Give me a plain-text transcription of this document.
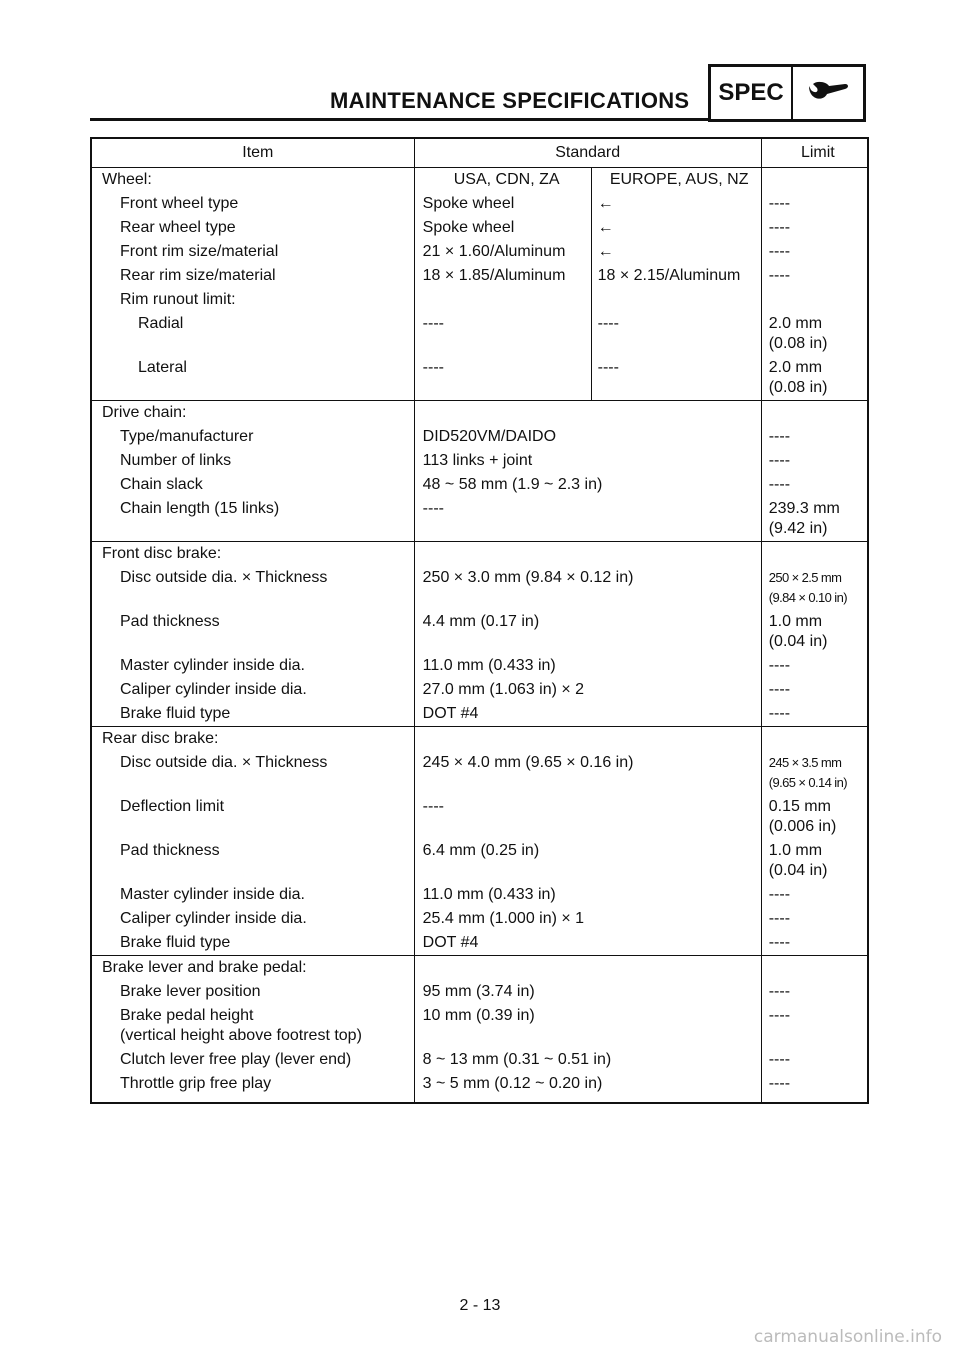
MAINTENANCE SPECIFICATIONS	SPEC
Item	Standard		Limit
Wheel:	USA, CDN, ZA	EUROPE, AUS, NZ	
Front wheel type	Spoke wheel	←	----
Rear wheel type	Spoke wheel	←	----
Front rim size/material	21 × 1.60/Aluminum	←	----
Rear rim size/material	18 × 1.85/Aluminum	18 × 2.15/Aluminum	----
Rim runout limit:			
Radial	----	----	2.0 mm
(0.08 in)
Lateral	----	----	2.0 mm
(0.08 in)
Drive chain:			
Type/manufacturer	DID520VM/DAIDO		----
Number of links	113 links + joint		----
Chain slack	48 ~ 58 mm (1.9 ~ 2.3 in)		----
Chain length (15 links)	----		239.3 mm
(9.42 in)
Front disc brake:			
Disc outside dia. × Thickness	250 × 3.0 mm (9.84 × 0.12 in)		250 × 2.5 mm
(9.84 × 0.10 in)
Pad thickness	4.4 mm (0.17 in)		1.0 mm
(0.04 in)
Master cylinder inside dia.	11.0 mm (0.433 in)		----
Caliper cylinder inside dia.	27.0 mm (1.063 in) × 2		----
Brake fluid type	DOT #4		----
Rear disc brake:			
Disc outside dia. × Thickness	245 × 4.0 mm (9.65 × 0.16 in)		245 × 3.5 mm
(9.65 × 0.14 in)
Deflection limit	----		0.15 mm
(0.006 in)
Pad thickness	6.4 mm (0.25 in)		1.0 mm
(0.04 in)
Master cylinder inside dia.	11.0 mm (0.433 in)		----
Caliper cylinder inside dia.	25.4 mm (1.000 in) × 1		----
Brake fluid type	DOT #4		----
Brake lever and brake pedal:			
Brake lever position	95 mm (3.74 in)		----

Brake pedal height
(vertical height above footrest top)	10 mm (0.39 in)		----
Clutch lever free play (lever end)	8 ~ 13 mm (0.31 ~ 0.51 in)		----
Throttle grip free play	3 ~ 5 mm (0.12 ~ 0.20 in)		----
2 - 13
carmanualsonline.info
